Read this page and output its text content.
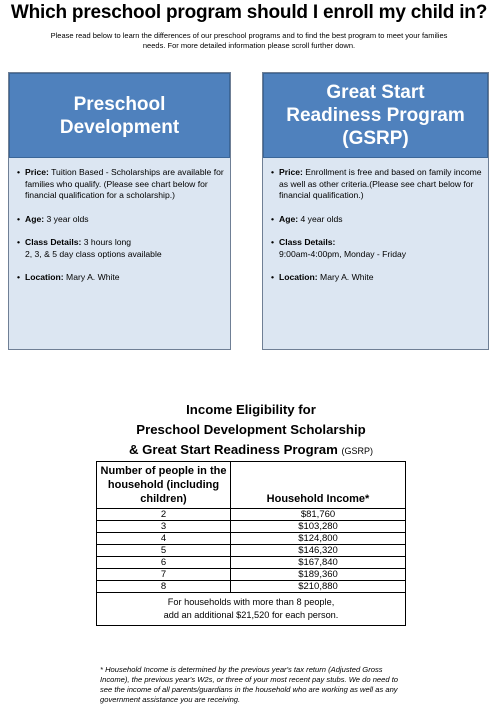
Which preschool program should I enroll my child in?
Please read below to learn the differences of our preschool programs and to find the best program to meet your families needs. For more detailed information please scroll further down.
Preschool
Development
• Price: Tuition Based - Scholarships are available for families who qualify. (Please see chart below for financial qualification for a scholarship.)
• Age: 3 year olds
• Class Details: 3 hours long
2, 3, & 5 day class options available
• Location: Mary A. White
Great Start
Readiness Program
(GSRP)
• Price: Enrollment is free and based on family income as well as other criteria.(Please see chart below for financial qualification.)
• Age: 4 year olds
• Class Details:
9:00am-4:00pm, Monday - Friday
• Location: Mary A. White
Income Eligibility for
Preschool Development Scholarship
& Great Start Readiness Program (GSRP)
Number of people in the household (including children)	Household Income*
2	$81,760
3	$103,280
4	$124,800
5	$146,320
6	$167,840
7	$189,360
8	$210,880

For households with more than 8 people,
add an additional $21,520 for each person.	
* Household Income is determined by the previous year's tax return (Adjusted Gross Income), the previous year's W2s, or three of your most recent pay stubs. We do need to see the income of all parents/guardians in the household who are working as well as any government assistance you are receiving.
